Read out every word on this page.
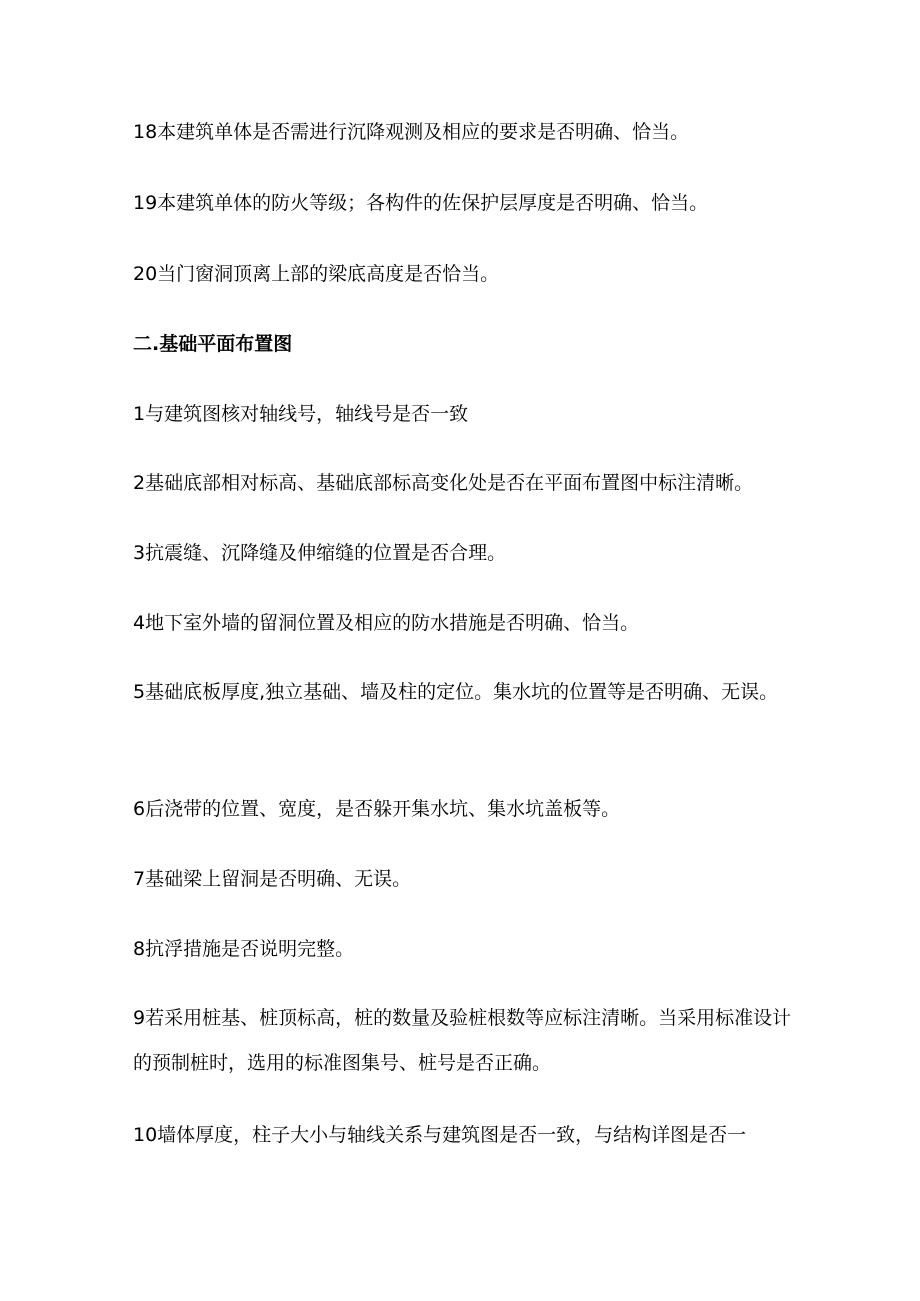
18本建筑单体是否需进行沉降观测及相应的要求是否明确、恰当。

19本建筑单体的防火等级；各构件的佐保护层厚度是否明确、恰当。

20当门窗洞顶离上部的梁底高度是否恰当。

二.基础平面布置图

1与建筑图核对轴线号，轴线号是否一致

2基础底部相对标高、基础底部标高变化处是否在平面布置图中标注清晰。

3抗震缝、沉降缝及伸缩缝的位置是否合理。

4地下室外墙的留洞位置及相应的防水措施是否明确、恰当。

5基础底板厚度,独立基础、墙及柱的定位。集水坑的位置等是否明确、无误。

6后浇带的位置、宽度，是否躲开集水坑、集水坑盖板等。

7基础梁上留洞是否明确、无误。

8抗浮措施是否说明完整。

9若采用桩基、桩顶标高，桩的数量及验桩根数等应标注清晰。当采用标准设计的预制桩时，选用的标准图集号、桩号是否正确。

10墙体厚度，柱子大小与轴线关系与建筑图是否一致，与结构详图是否一
